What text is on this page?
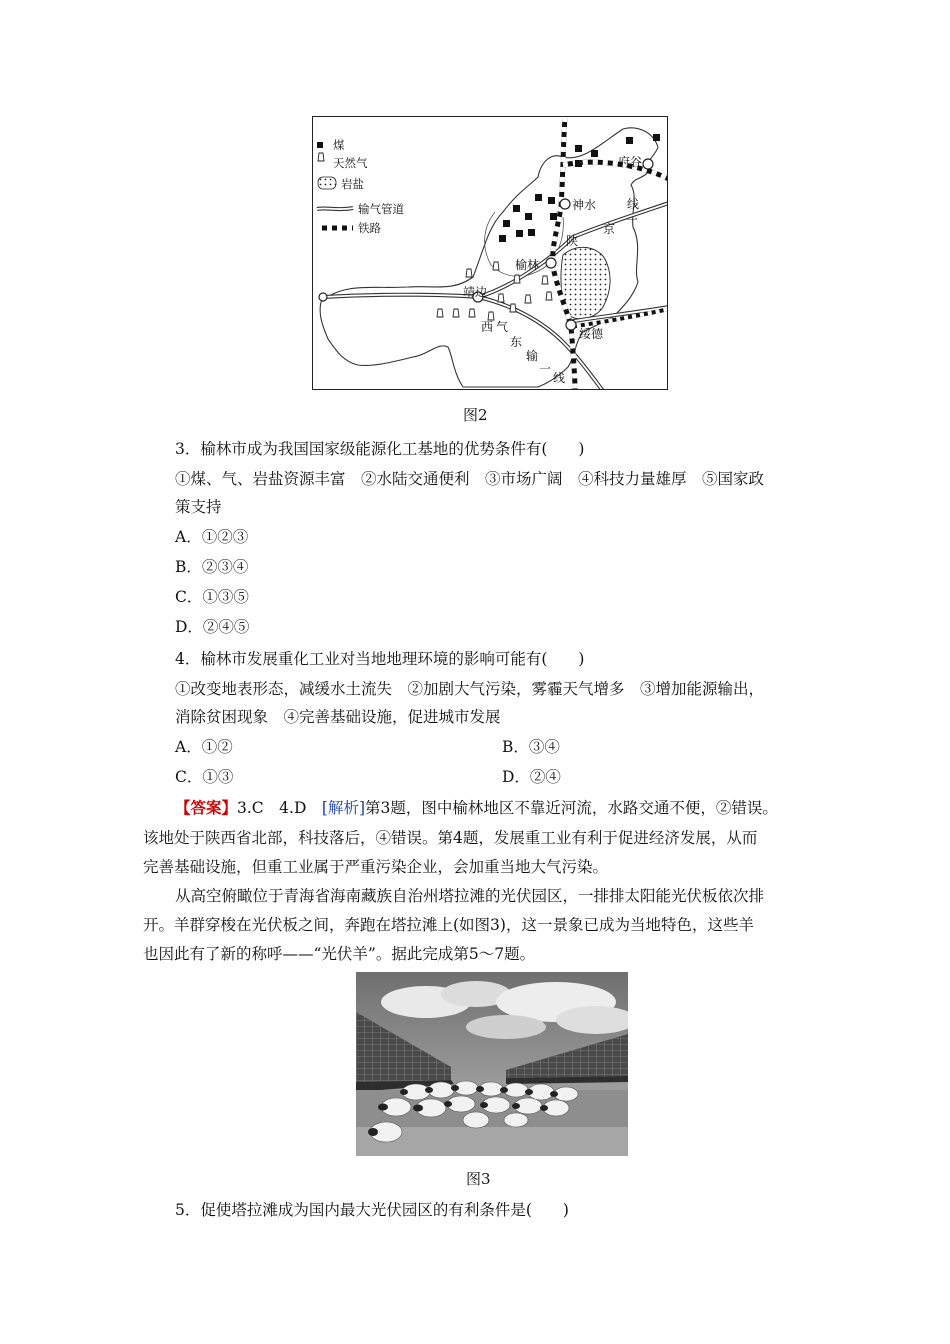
煤
天然气
岩盐
输气管道
铁路
府谷
神水
榆林
靖边
绥德
线
一
京
陕
西 气
东
输
一
线
图2
3．榆林市成为我国国家级能源化工基地的优势条件有(　　)
①煤、气、岩盐资源丰富　②水陆交通便利　③市场广阔　④科技力量雄厚　⑤国家政
策支持
A．①②③
B．②③④
C．①③⑤
D．②④⑤
4．榆林市发展重化工业对当地地理环境的影响可能有(　　)
①改变地表形态，减缓水土流失　②加剧大气污染，雾霾天气增多　③增加能源输出，
消除贫困现象　④完善基础设施，促进城市发展
A．①②	B．③④
C．①③	D．②④
【答案】3.C　4.D　[解析]第3题，图中榆林地区不靠近河流，水路交通不便，②错误。
该地处于陕西省北部，科技落后，④错误。第4题，发展重工业有利于促进经济发展，从而
完善基础设施，但重工业属于严重污染企业，会加重当地大气污染。
从高空俯瞰位于青海省海南藏族自治州塔拉滩的光伏园区，一排排太阳能光伏板依次排
开。羊群穿梭在光伏板之间，奔跑在塔拉滩上(如图3)，这一景象已成为当地特色，这些羊
也因此有了新的称呼——“光伏羊”。据此完成第5～7题。
图3
5．促使塔拉滩成为国内最大光伏园区的有利条件是(　　)
